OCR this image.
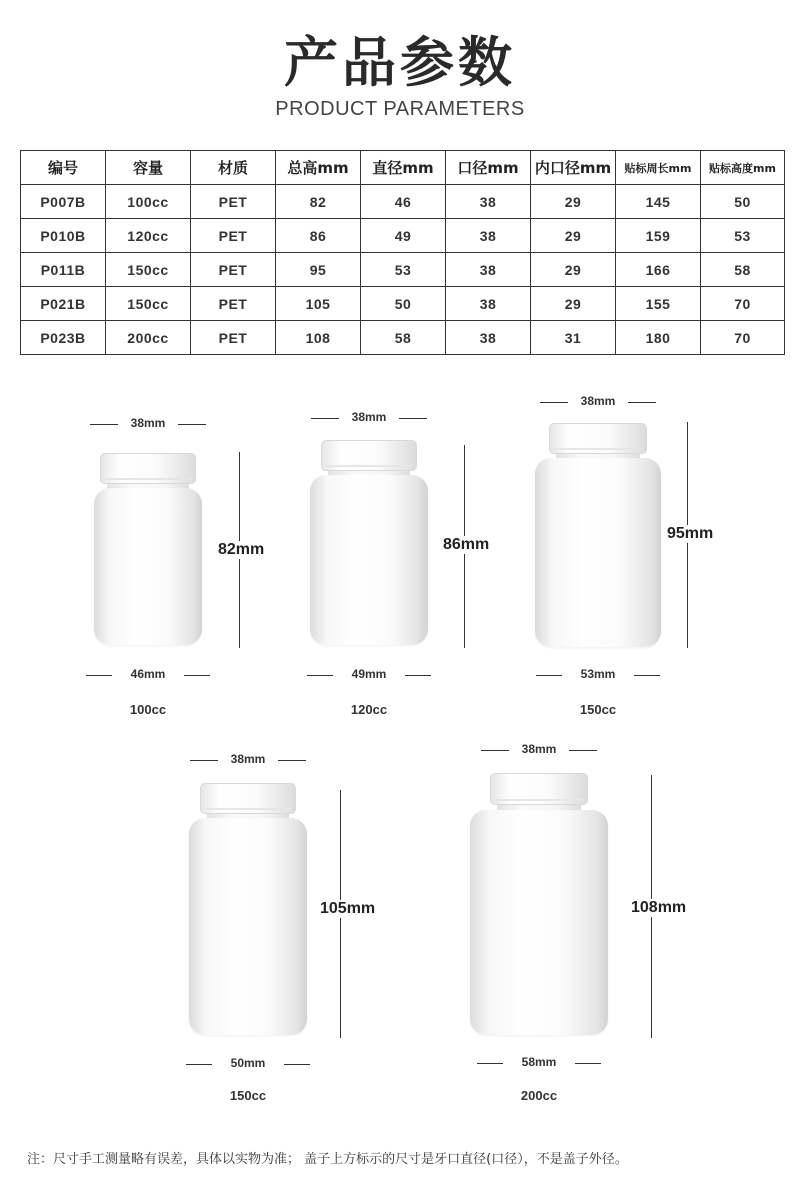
产品参数
PRODUCT PARAMETERS
编号	容量	材质	总高mm	直径mm	口径mm	内口径mm	贴标周长mm	贴标高度mm
P007B	100cc	PET	82	46	38	29	145	50
P010B	120cc	PET	86	49	38	29	159	53
P011B	150cc	PET	95	53	38	29	166	58
P021B	150cc	PET	105	50	38	29	155	70
P023B	200cc	PET	108	58	38	31	180	70
38mm
46mm
82mm
100cc
38mm
49mm
86mm
120cc
38mm
53mm
95mm
150cc
38mm
50mm
105mm
150cc
38mm
58mm
108mm
200cc
注：尺寸手工测量略有误差，具体以实物为准； 盖子上方标示的尺寸是牙口直径(口径），不是盖子外径。
